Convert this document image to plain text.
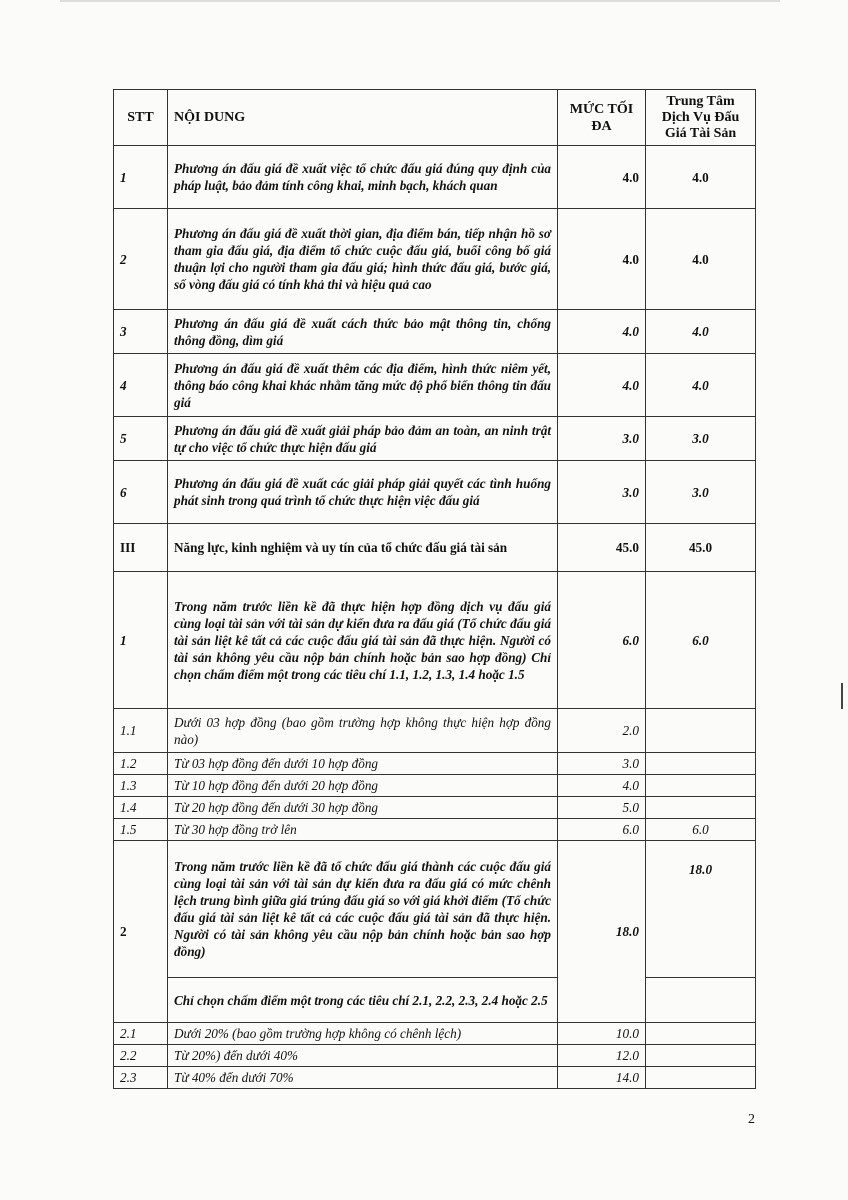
STT	NỘI DUNG	MỨC TỐI ĐA	Trung Tâm Dịch Vụ Đấu Giá Tài Sản
1	Phương án đấu giá đề xuất việc tổ chức đấu giá đúng quy định của pháp luật, bảo đảm tính công khai, minh bạch, khách quan	4.0	4.0
2	Phương án đấu giá đề xuất thời gian, địa điểm bán, tiếp nhận hồ sơ tham gia đấu giá, địa điểm tổ chức cuộc đấu giá, buổi công bố giá thuận lợi cho người tham gia đấu giá; hình thức đấu giá, bước giá, số vòng đấu giá có tính khả thi và hiệu quả cao	4.0	4.0
3	Phương án đấu giá đề xuất cách thức bảo mật thông tin, chống thông đồng, dìm giá	4.0	4.0
4	Phương án đấu giá đề xuất thêm các địa điểm, hình thức niêm yết, thông báo công khai khác nhằm tăng mức độ phổ biến thông tin đấu giá	4.0	4.0
5	Phương án đấu giá đề xuất giải pháp bảo đảm an toàn, an ninh trật tự cho việc tổ chức thực hiện đấu giá	3.0	3.0
6	Phương án đấu giá đề xuất các giải pháp giải quyết các tình huống phát sinh trong quá trình tổ chức thực hiện việc đấu giá	3.0	3.0
III	Năng lực, kinh nghiệm và uy tín của tổ chức đấu giá tài sản	45.0	45.0
1	Trong năm trước liền kề đã thực hiện hợp đồng dịch vụ đấu giá cùng loại tài sản với tài sản dự kiến đưa ra đấu giá (Tổ chức đấu giá tài sản liệt kê tất cả các cuộc đấu giá tài sản đã thực hiện. Người có tài sản không yêu cầu nộp bản chính hoặc bản sao hợp đồng) Chỉ chọn chấm điểm một trong các tiêu chí 1.1, 1.2, 1.3, 1.4 hoặc 1.5	6.0	6.0
1.1	Dưới 03 hợp đồng (bao gồm trường hợp không thực hiện hợp đồng nào)	2.0	
1.2	Từ 03 hợp đồng đến dưới 10 hợp đồng	3.0	
1.3	Từ 10 hợp đồng đến dưới 20 hợp đồng	4.0	
1.4	Từ 20 hợp đồng đến dưới 30 hợp đồng	5.0	
1.5	Từ 30 hợp đồng trở lên	6.0	6.0
2	Trong năm trước liền kề đã tổ chức đấu giá thành các cuộc đấu giá cùng loại tài sản với tài sản dự kiến đưa ra đấu giá có mức chênh lệch trung bình giữa giá trúng đấu giá so với giá khởi điểm (Tổ chức đấu giá tài sản liệt kê tất cả các cuộc đấu giá tài sản đã thực hiện. Người có tài sản không yêu cầu nộp bản chính hoặc bản sao hợp đồng)	18.0	18.0
	Chỉ chọn chấm điểm một trong các tiêu chí 2.1, 2.2, 2.3, 2.4 hoặc 2.5		
2.1	Dưới 20% (bao gồm trường hợp không có chênh lệch)	10.0	
2.2	Từ 20%) đến dưới 40%	12.0	
2.3	Từ 40% đến dưới 70%	14.0	
2
